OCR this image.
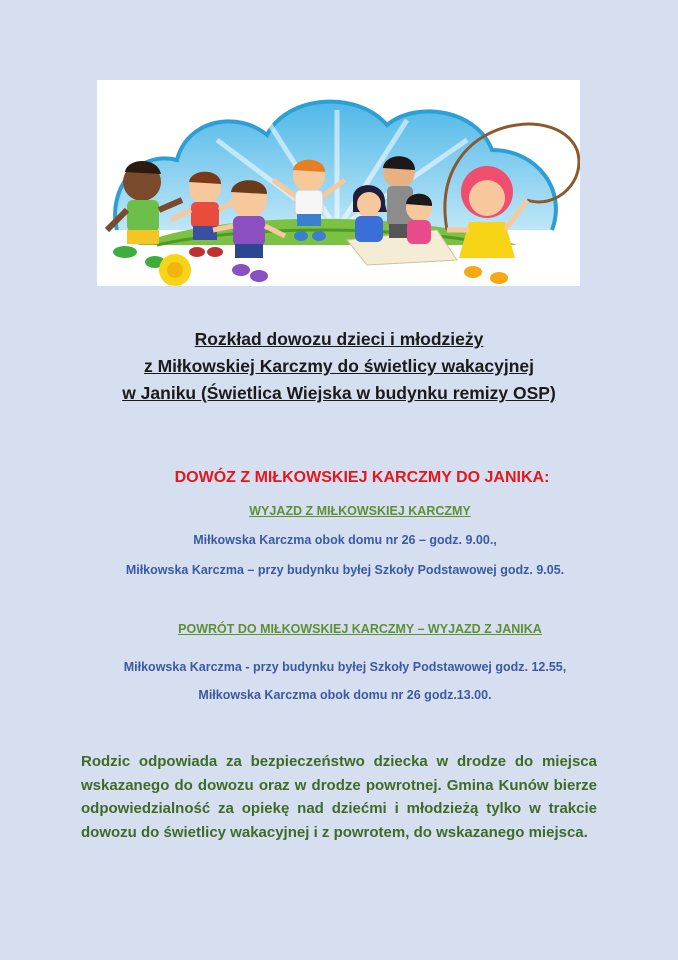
Rozkład dowozu dzieci i młodzieży
z Miłkowskiej Karczmy do świetlicy wakacyjnej
w Janiku (Świetlica Wiejska w budynku remizy OSP)
DOWÓZ Z MIŁKOWSKIEJ KARCZMY DO JANIKA:
WYJAZD Z MIŁKOWSKIEJ KARCZMY
Miłkowska Karczma obok domu nr 26 – godz. 9.00.,
Miłkowska Karczma – przy budynku byłej Szkoły Podstawowej godz. 9.05.
POWRÓT DO MIŁKOWSKIEJ KARCZMY – WYJAZD Z JANIKA
Miłkowska Karczma - przy budynku byłej Szkoły Podstawowej godz. 12.55,
Miłkowska Karczma obok domu nr 26 godz.13.00.
Rodzic odpowiada za bezpieczeństwo dziecka w drodze do miejsca wskazanego do dowozu oraz w drodze powrotnej. Gmina Kunów bierze odpowiedzialność za opiekę nad dziećmi i młodzieżą tylko w trakcie dowozu do świetlicy wakacyjnej i z powrotem, do wskazanego miejsca.
